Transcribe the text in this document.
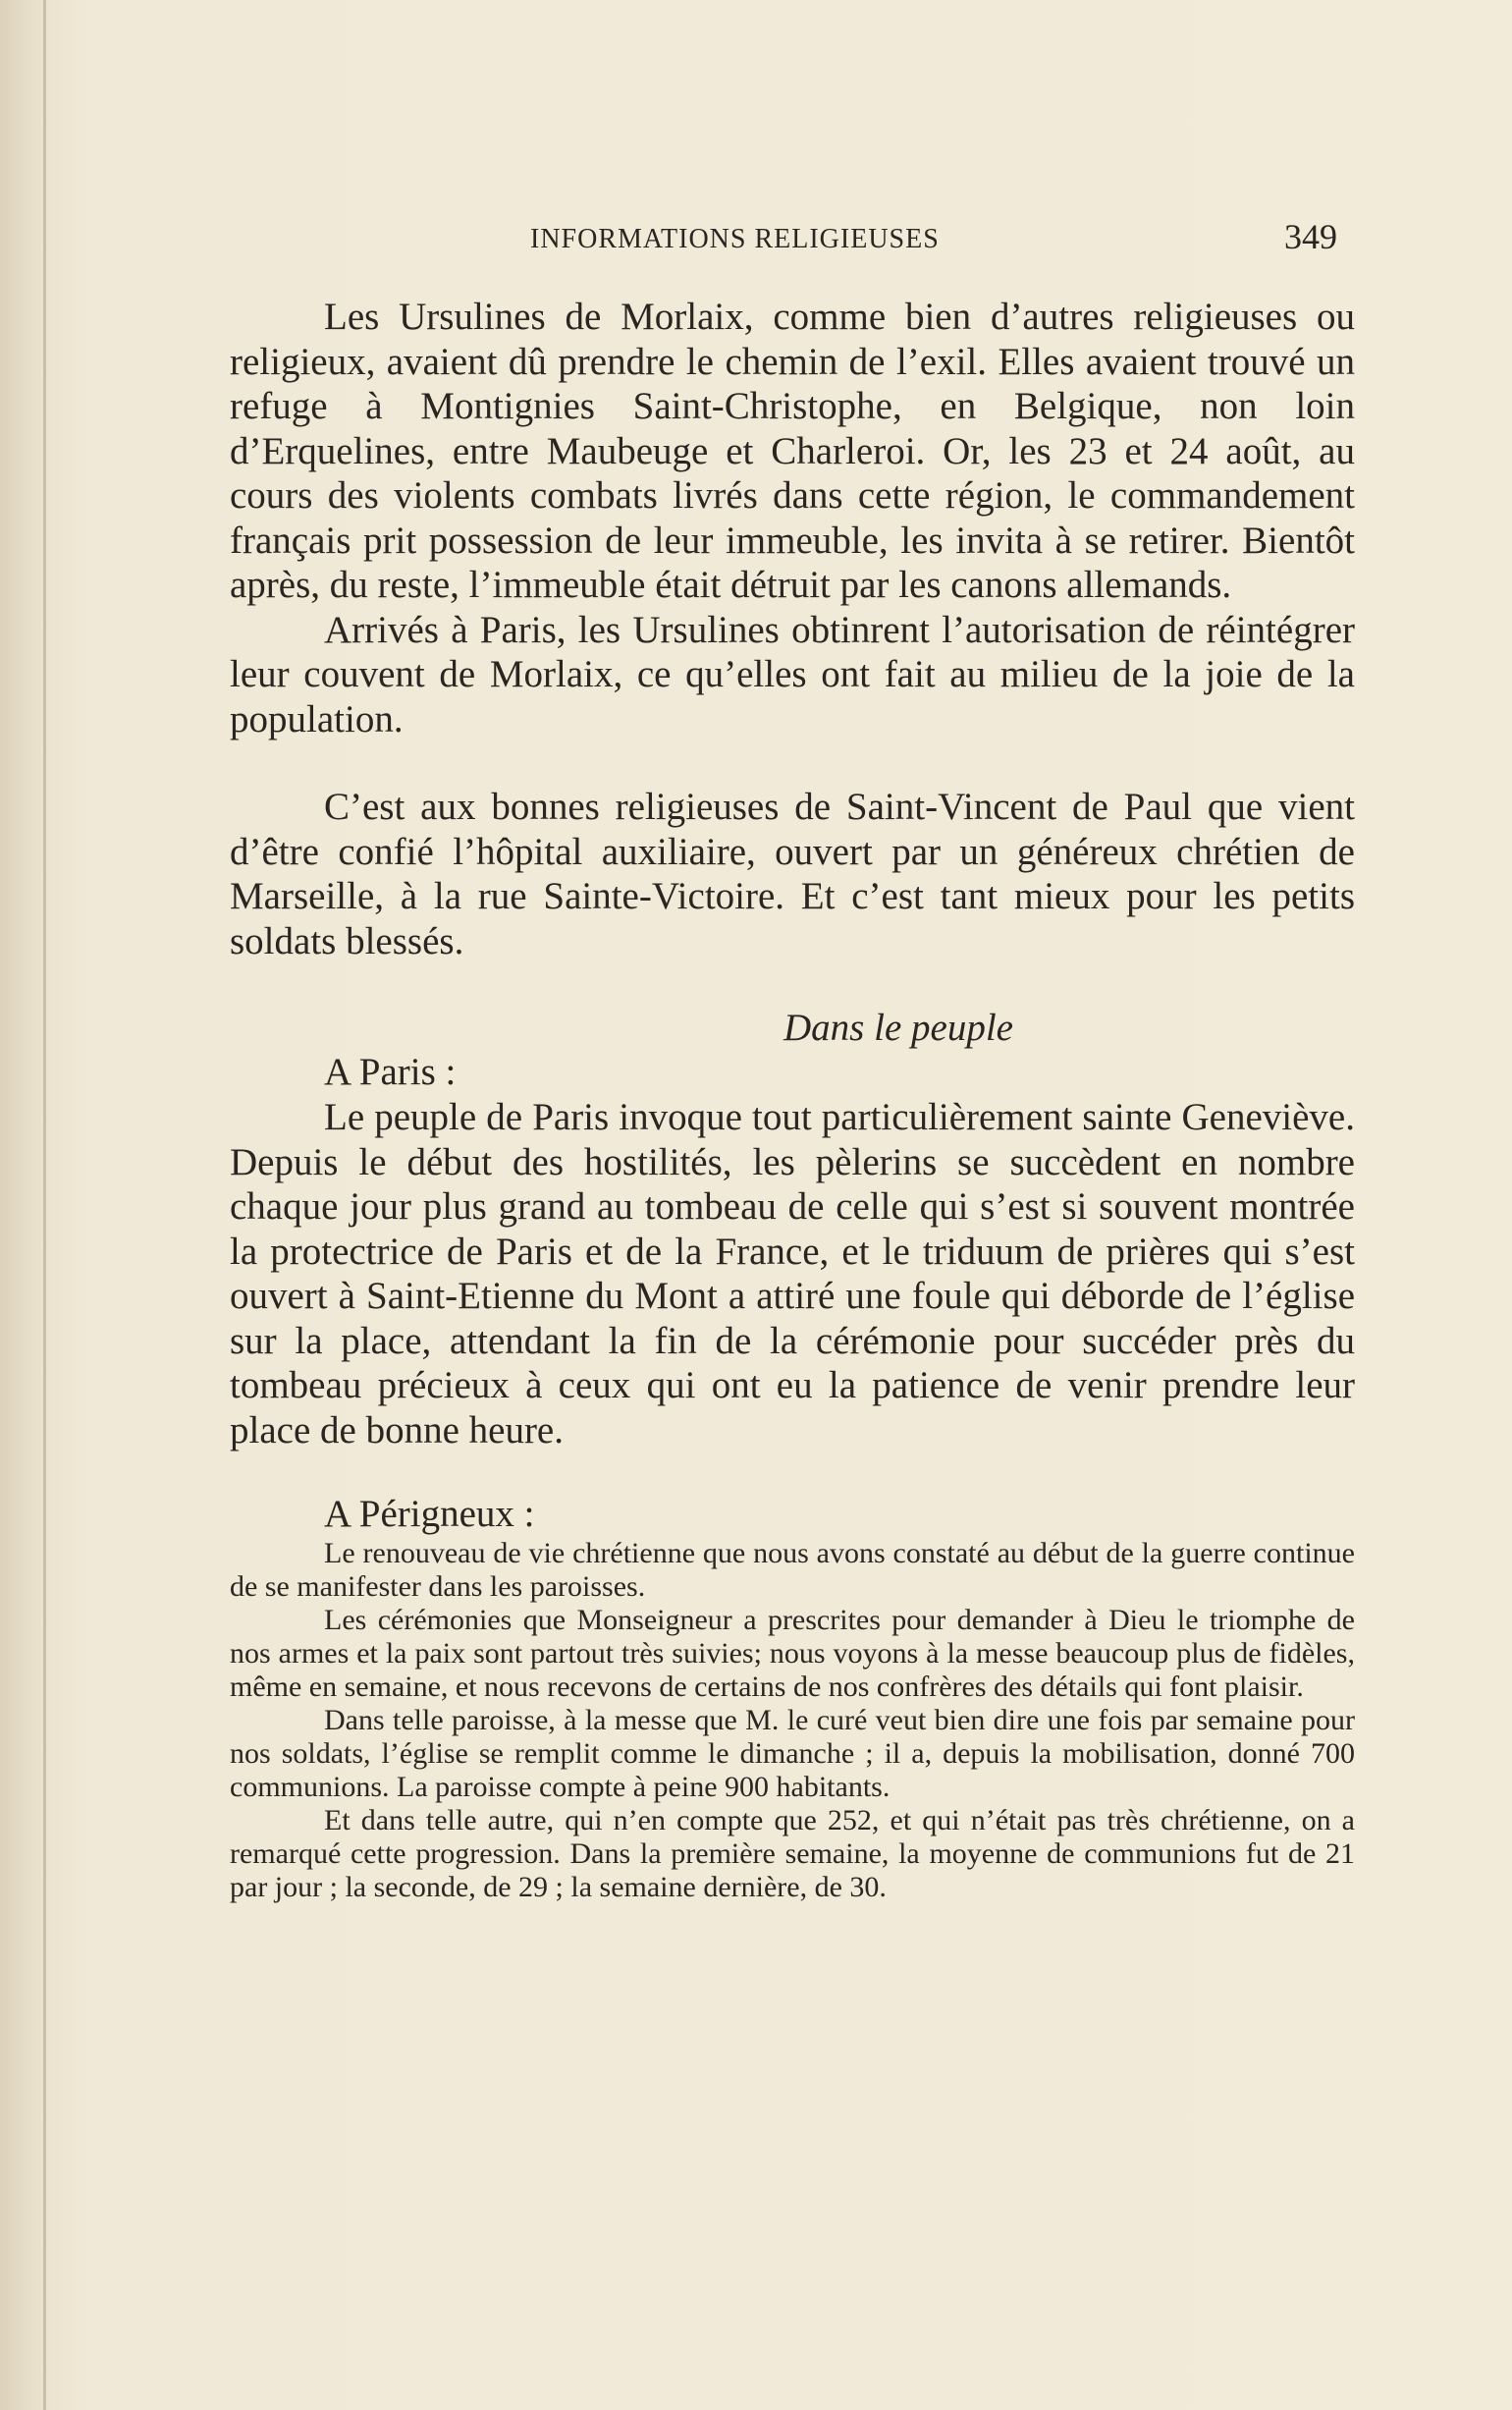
INFORMATIONS RELIGIEUSES	349

Les Ursulines de Morlaix, comme bien d’autres religieuses ou religieux, avaient dû prendre le chemin de l’exil. Elles avaient trouvé un refuge à Montignies Saint-Christophe, en Belgique, non loin d’Erquelines, entre Maubeuge et Charleroi. Or, les 23 et 24 août, au cours des violents combats livrés dans cette région, le commandement français prit possession de leur immeuble, les invita à se retirer. Bientôt après, du reste, l’immeuble était détruit par les canons allemands.

Arrivés à Paris, les Ursulines obtinrent l’autorisation de réintégrer leur couvent de Morlaix, ce qu’elles ont fait au milieu de la joie de la population.

C’est aux bonnes religieuses de Saint-Vincent de Paul que vient d’être confié l’hôpital auxiliaire, ouvert par un généreux chrétien de Marseille, à la rue Sainte-Victoire. Et c’est tant mieux pour les petits soldats blessés.

Dans le peuple

A Paris :

Le peuple de Paris invoque tout particulièrement sainte Geneviève. Depuis le début des hostilités, les pèlerins se succèdent en nombre chaque jour plus grand au tombeau de celle qui s’est si souvent montrée la protectrice de Paris et de la France, et le triduum de prières qui s’est ouvert à Saint-Etienne du Mont a attiré une foule qui déborde de l’église sur la place, attendant la fin de la cérémonie pour succéder près du tombeau précieux à ceux qui ont eu la patience de venir prendre leur place de bonne heure.

A Périgneux :

Le renouveau de vie chrétienne que nous avons constaté au début de la guerre continue de se manifester dans les paroisses.

Les cérémonies que Monseigneur a prescrites pour demander à Dieu le triomphe de nos armes et la paix sont partout très suivies; nous voyons à la messe beaucoup plus de fidèles, même en semaine, et nous recevons de certains de nos confrères des détails qui font plaisir.

Dans telle paroisse, à la messe que M. le curé veut bien dire une fois par semaine pour nos soldats, l’église se remplit comme le dimanche ; il a, depuis la mobilisation, donné 700 communions. La paroisse compte à peine 900 habitants.

Et dans telle autre, qui n’en compte que 252, et qui n’était pas très chrétienne, on a remarqué cette progression. Dans la première semaine, la moyenne de communions fut de 21 par jour ; la seconde, de 29 ; la semaine dernière, de 30.
